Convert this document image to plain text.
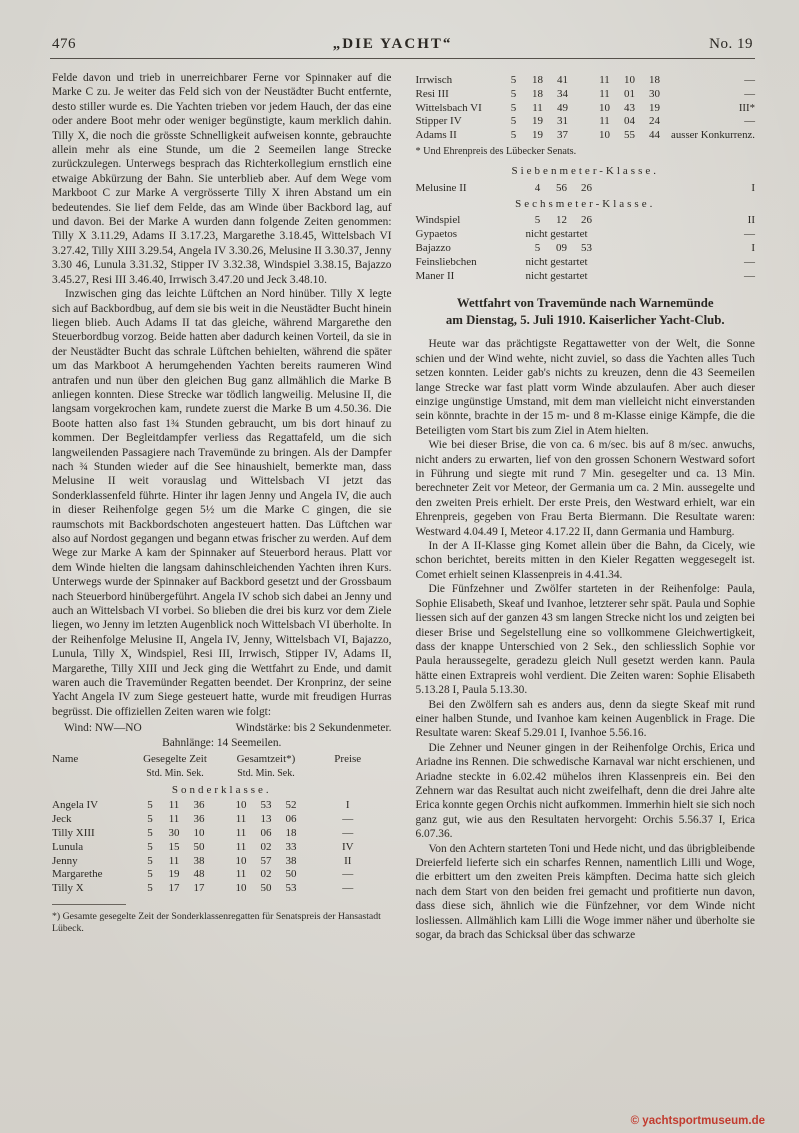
476	„DIE YACHT“	No. 19

Felde davon und trieb in unerreichbarer Ferne vor Spinnaker auf die Marke C zu. Je weiter das Feld sich von der Neustädter Bucht entfernte, desto stiller wurde es. Die Yachten trieben vor jedem Hauch, der das eine oder andere Boot mehr oder weniger begünstigte, kaum merklich dahin. Tilly X, die noch die grösste Schnelligkeit aufweisen konnte, gebrauchte allein mehr als eine Stunde, um die 2 Seemeilen lange Strecke zurückzulegen. Unterwegs besprach das Richterkollegium ernstlich eine etwaige Abkürzung der Bahn. Sie unterblieb aber. Auf dem Wege vom Markboot C zur Marke A vergrösserte Tilly X ihren Abstand um ein bedeutendes. Sie lief dem Felde, das am Winde über Backbord lag, auf und davon. Bei der Marke A wurden dann folgende Zeiten genommen: Tilly X 3.11.29, Adams II 3.17.23, Margarethe 3.18.45, Wittelsbach VI 3.27.42, Tilly XIII 3.29.54, Angela IV 3.30.26, Melusine II 3.30.37, Jenny 3.30 46, Lunula 3.31.32, Stipper IV 3.32.38, Windspiel 3.38.15, Bajazzo 3.45.27, Resi III 3.46.40, Irrwisch 3.47.20 und Jeck 3.48.10.

Inzwischen ging das leichte Lüftchen an Nord hinüber. Tilly X legte sich auf Backbordbug, auf dem sie bis weit in die Neustädter Bucht hinein liegen blieb. Auch Adams II tat das gleiche, während Margarethe den Steuerbordbug vorzog. Beide hatten aber dadurch keinen Vorteil, da sie in der Neustädter Bucht das schrale Lüftchen behielten, während die später um das Markboot A herumgehenden Yachten bereits raumeren Wind antrafen und nun über den gleichen Bug ganz allmählich die Marke B anliegen konnten. Diese Strecke war tödlich langweilig. Melusine II, die langsam vorgekrochen kam, rundete zuerst die Marke B um 4.50.36. Die Boote hatten also fast 1¾ Stunden gebraucht, um bis dort hinauf zu kommen. Der Begleitdampfer verliess das Regattafeld, um die sich langweilenden Passagiere nach Travemünde zu bringen. Als der Dampfer nach ¾ Stunden wieder auf die See hinaushielt, bemerkte man, dass Melusine II weit vorauslag und Wittelsbach VI jetzt das Sonderklassenfeld führte. Hinter ihr lagen Jenny und Angela IV, die auch in dieser Reihenfolge gegen 5½ um die Marke C gingen, die sie raumschots mit Backbordschoten angesteuert hatten. Das Lüftchen war also auf Nordost gegangen und begann etwas frischer zu werden. Auf dem Wege zur Marke A kam der Spinnaker auf Steuerbord heraus. Platt vor dem Winde hielten die langsam dahinschleichenden Yachten ihren Kurs. Unterwegs wurde der Spinnaker auf Backbord gesetzt und der Grossbaum nach Steuerbord hinübergeführt. Angela IV schob sich dabei an Jenny und auch an Wittelsbach VI vorbei. So blieben die drei bis kurz vor dem Ziele liegen, wo Jenny im letzten Augenblick noch Wittelsbach VI überholte. In der Reihenfolge Melusine II, Angela IV, Jenny, Wittelsbach VI, Bajazzo, Lunula, Tilly X, Windspiel, Resi III, Irrwisch, Stipper IV, Adams II, Margarethe, Tilly XIII und Jeck ging die Wettfahrt zu Ende, und damit waren auch die Travemünder Regatten beendet. Der Kronprinz, der seine Yacht Angela IV zum Siege gesteuert hatte, wurde mit freudigen Hurras begrüsst. Die offiziellen Zeiten waren wie folgt:

Wind: NW—NO	Windstärke: bis 2 Sekundenmeter.
Bahnlänge: 14 Seemeilen.
Name	Gesegelte Zeit	Gesamtzeit*)	Preise
Std. Min. Sek.	Std. Min. Sek.
Sonderklasse.
Angela IV	5	11	36	10	53	52	I
Jeck	5	11	36	11	13	06	—
Tilly XIII	5	30	10	11	06	18	—
Lunula	5	15	50	11	02	33	IV
Jenny	5	11	38	10	57	38	II
Margarethe	5	19	48	11	02	50	—
Tilly X	5	17	17	10	50	53	—
*) Gesamte gesegelte Zeit der Sonderklassenregatten für Senatspreis der Hansastadt Lübeck.
Irrwisch	5	18	41	11	10	18	—
Resi III	5	18	34	11	01	30	—
Wittelsbach VI	5	11	49	10	43	19	III*
Stipper IV	5	19	31	11	04	24	—
Adams II	5	19	37	10	55	44	ausser Konkurrenz.
* Und Ehrenpreis des Lübecker Senats.
Siebenmeter-Klasse.
Melusine II	4	56	26	I
Sechsmeter-Klasse.
Windspiel	5	12	26	II
Gypaetos	nicht gestartet	—
Bajazzo	5	09	53	I
Feinsliebchen	nicht gestartet	—
Maner II	nicht gestartet	—
Wettfahrt von Travemünde nach Warnemünde
am Dienstag, 5. Juli 1910. Kaiserlicher Yacht-Club.

Heute war das prächtigste Regattawetter von der Welt, die Sonne schien und der Wind wehte, nicht zuviel, so dass die Yachten alles Tuch setzen konnten. Leider gab's nichts zu kreuzen, denn die 43 Seemeilen lange Strecke war fast platt vorm Winde abzulaufen. Aber auch dieser einzige ungünstige Umstand, mit dem man vielleicht nicht einverstanden sein könnte, brachte in der 15 m- und 8 m-Klasse einige Kämpfe, die die Beteiligten vom Start bis zum Ziel in Atem hielten.

Wie bei dieser Brise, die von ca. 6 m/sec. bis auf 8 m/sec. anwuchs, nicht anders zu erwarten, lief von den grossen Schonern Westward sofort in Führung und siegte mit rund 7 Min. gesegelter und ca. 13 Min. berechneter Zeit vor Meteor, der Germania um ca. 2 Min. aussegelte und den zweiten Preis erhielt. Der erste Preis, den Westward erhielt, war ein Ehrenpreis, gegeben von Frau Berta Biermann. Die Resultate waren: Westward 4.04.49 I, Meteor 4.17.22 II, dann Germania und Hamburg.

In der A II-Klasse ging Komet allein über die Bahn, da Cicely, wie schon berichtet, bereits mitten in den Kieler Regatten weggesegelt ist. Comet erhielt seinen Klassenpreis in 4.41.34.

Die Fünfzehner und Zwölfer starteten in der Reihenfolge: Paula, Sophie Elisabeth, Skeaf und Ivanhoe, letzterer sehr spät. Paula und Sophie liessen sich auf der ganzen 43 sm langen Strecke nicht los und zeigten bei dieser Brise und Segelstellung eine so vollkommene Gleichwertigkeit, dass der knappe Unterschied von 2 Sek., den schliesslich Sophie vor Paula heraussegelte, geradezu gleich Null gesetzt werden kann. Paula hätte einen Extrapreis wohl verdient. Die Zeiten waren: Sophie Elisabeth 5.13.28 I, Paula 5.13.30.

Bei den Zwölfern sah es anders aus, denn da siegte Skeaf mit rund einer halben Stunde, und Ivanhoe kam keinen Augenblick in Frage. Die Resultate waren: Skeaf 5.29.01 I, Ivanhoe 5.56.16.

Die Zehner und Neuner gingen in der Reihenfolge Orchis, Erica und Ariadne ins Rennen. Die schwedische Karnaval war nicht erschienen, und Ariadne steckte in 6.02.42 mühelos ihren Klassenpreis ein. Bei den Zehnern war das Resultat auch nicht zweifelhaft, denn die drei Jahre alte Erica konnte gegen Orchis nicht aufkommen. Immerhin hielt sie sich noch ganz gut, wie aus den Resultaten hervorgeht: Orchis 5.56.37 I, Erica 6.07.36.

Von den Achtern starteten Toni und Hede nicht, und das übrigbleibende Dreierfeld lieferte sich ein scharfes Rennen, namentlich Lilli und Woge, die erbittert um den zweiten Preis kämpften. Decima hatte sich gleich nach dem Start von den beiden frei gemacht und profitierte nun davon, dass diese sich, ähnlich wie die Fünfzehner, vor dem Winde nicht losliessen. Allmählich kam Lilli die Woge immer näher und überholte sie sogar, da brach das Schicksal über das schwarze

© yachtsportmuseum.de
